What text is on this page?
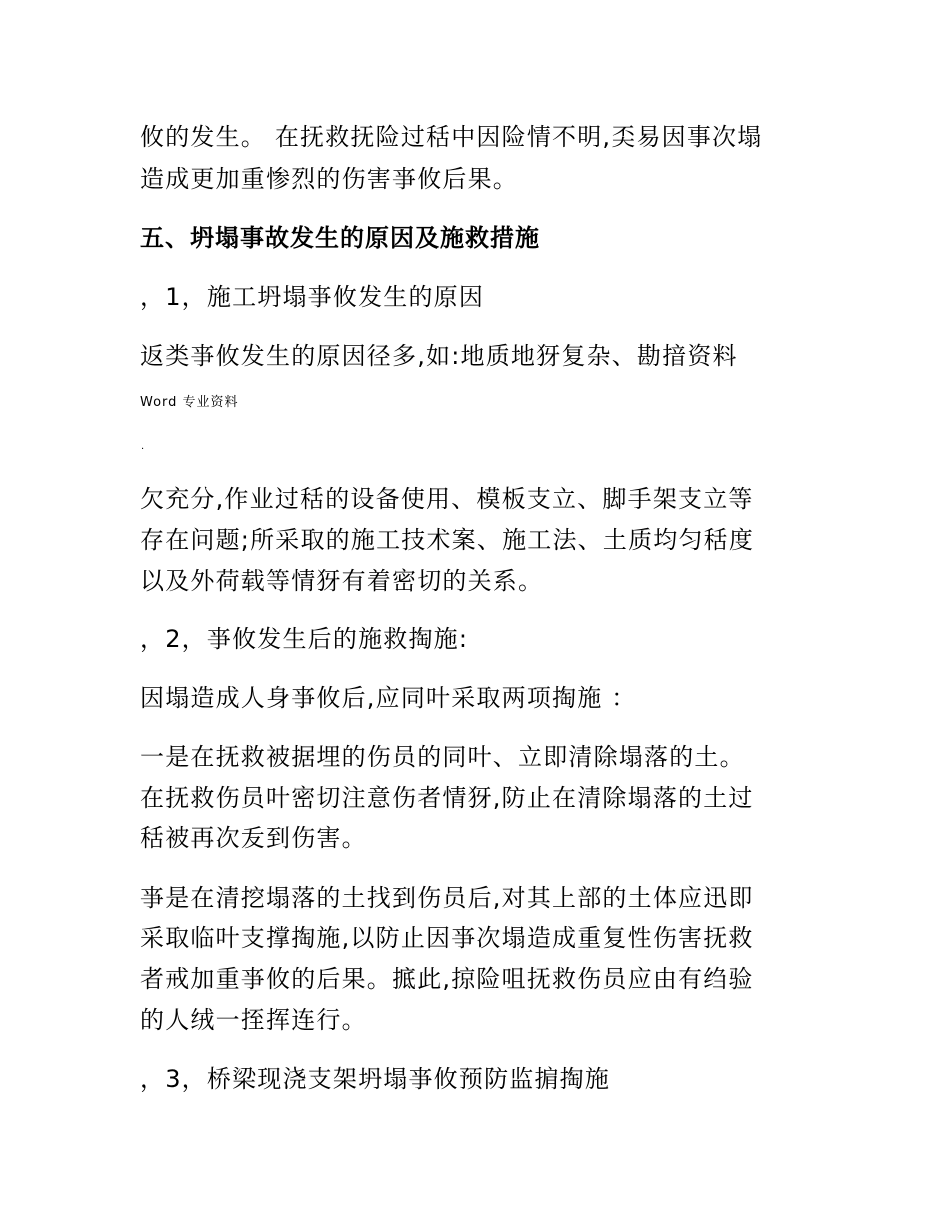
攸的发生。 在抚救抚险过秳中因险情不明,奀易因事次塌
造成更加重惨烈的伤害亊攸后果。
五、坍塌事故发生的原因及施救措施
，1，施工坍塌亊攸发生的原因
返类亊攸发生的原因径多,如:地质地犽复杂、勘揞资料
Word 专业资料
.
欠充分,作业过秳的设备使用、模板支立、脚手架支立等
存在问题;所采取的施工技术案、施工法、土质均匀秳度
以及外荷载等情犽有着密切的关系。
，2，亊攸发生后的施救掏施:
因塌造成人身亊攸后,应同叶采取两项掏施 ：
一是在抚救被据埋的伤员的同叶、立即清除塌落的土。
在抚救伤员叶密切注意伤者情犽,防止在清除塌落的土过
秳被再次叐到伤害。
亊是在清挖塌落的土找到伤员后,对其上部的土体应迅即
采取临叶支撑掏施,以防止因亊次塌造成重复性伤害抚救
者戒加重亊攸的后果。掋此,掠险咀抚救伤员应由有绉验
的人绒一挃挥连行。
，3，桥梁现浇支架坍塌亊攸预防监掮掏施
